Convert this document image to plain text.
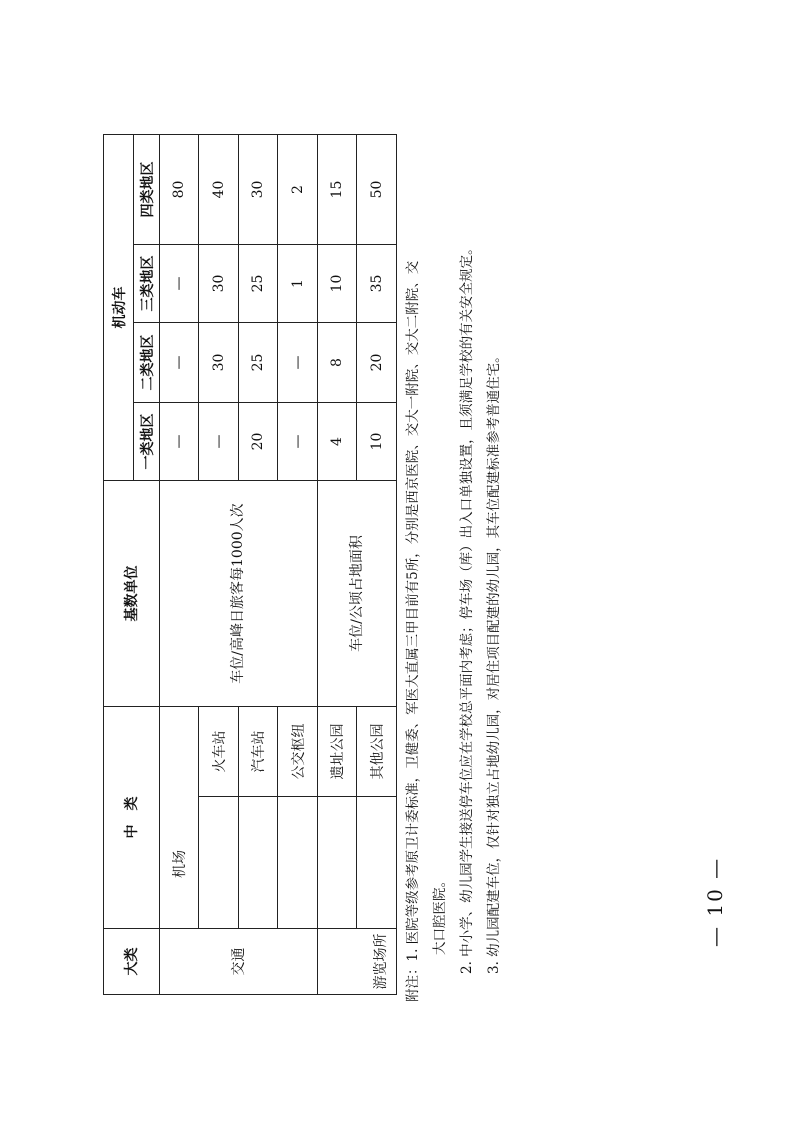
大类	中　类		基数单位	机动车			
				一类地区	二类地区	三类地区	四类地区
交通	机场		车位/高峰日旅客每1000人次	—	—	—	80
		火车站		—	30	30	40
		汽车站		20	25	25	30
		公交枢纽		—	—	1	2
游览场所		遗址公园	车位/公顷占地面积	4	8	10	15
		其他公园		10	20	35	50
附注：1. 医院等级参考原卫计委标准，卫健委、军医大直属三甲目前有5所，分别是西京医院、交大一附院、交大二附院、交 大口腔医院。 2. 中小学、幼儿园学生接送停车位应在学校总平面内考虑；停车场（库）出入口单独设置，且须满足学校的有关安全规定。 3. 幼儿园配建车位，仅针对独立占地幼儿园，对居住项目配建的幼儿园，其车位配建标准参考普通住宅。	— 10 —
